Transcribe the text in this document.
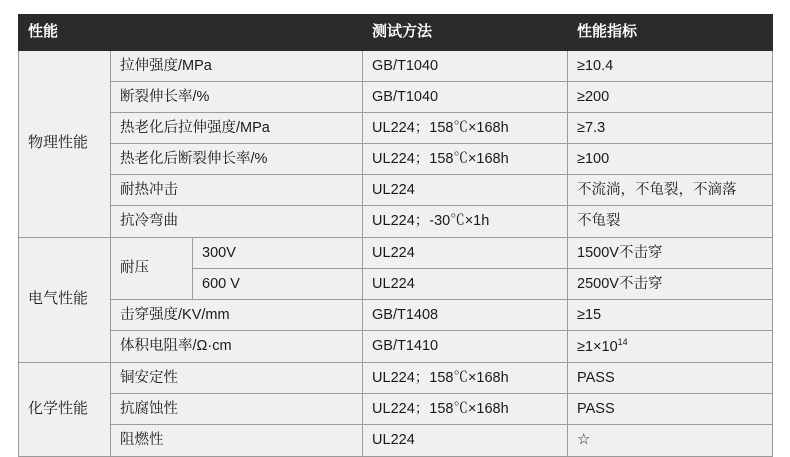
性能			测试方法	性能指标
物理性能	拉伸强度/MPa		GB/T1040	≥10.4
	断裂伸长率/%		GB/T1040	≥200
	热老化后拉伸强度/MPa		UL224；158℃×168h	≥7.3
	热老化后断裂伸长率/%		UL224；158℃×168h	≥100
	耐热冲击		UL224	不流淌，不龟裂，不滴落
	抗冷弯曲		UL224；-30℃×1h	不龟裂
电气性能	耐压	300V	UL224	1500V不击穿
		600 V	UL224	2500V不击穿
	击穿强度/KV/mm		GB/T1408	≥15
	体积电阻率/Ω·cm		GB/T1410	$\ge 1\times 10^{14}$
化学性能	铜安定性		UL224；158℃×168h	PASS
	抗腐蚀性		UL224；158℃×168h	PASS
	阻燃性		UL224	☆
